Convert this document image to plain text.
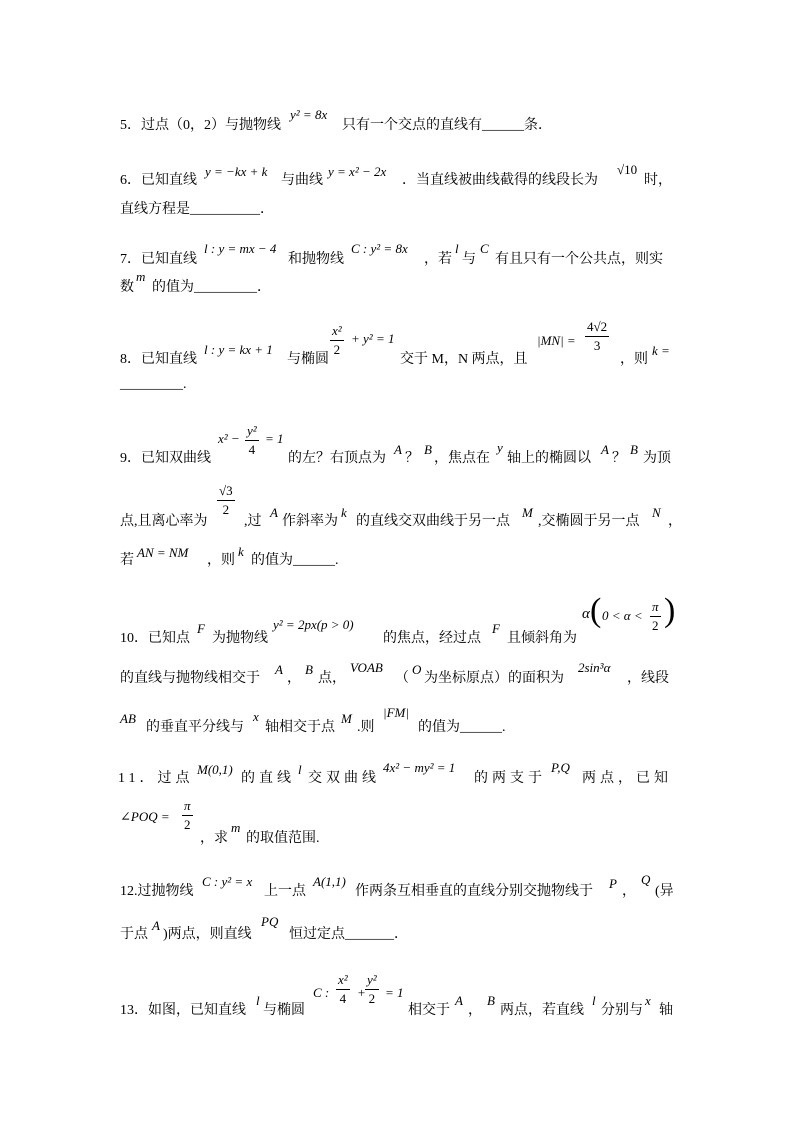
5．过点（0，2）与抛物线
y² = 8x
只有一个交点的直线有______条．
6．已知直线
y = −kx + k
与曲线
y = x² − 2x
．当直线被曲线截得的线段长为
√10
时，
直线方程是__________．
7．已知直线
l : y = mx − 4
和抛物线
C : y² = 8x
，若
l
与
C
有且只有一个公共点，则实
数
m
的值为_________．
8．已知直线
l : y = kx + 1
与椭圆
$\frac{\text{x²}}{2} + y^2 = 1$
交于 M，N 两点，且
$|MN| = \frac{4√2}{3}$
，则
k =
_________.
$x^2 - \frac{\text{y²}}{4} = 1$
9．已知双曲线	的左？右顶点为
A
？
B
，焦点在
y
轴上的椭圆以
A
？
B
为顶
点,且离心率为
$\frac{√3}{2}$
,过
A
作斜率为
k
的直线交双曲线于另一点
M
,交椭圆于另一点
N
，
若
AN = NM
，则
k
的值为______.
10．已知点
F
为抛物线
y² = 2px(p > 0)
的焦点，经过点
F
且倾斜角为
α ( $0 < \alpha < \frac{\pi}{2}$ )
的直线与抛物线相交于
A
，
B
点，
VOAB
（
O
为坐标原点）的面积为
2sin³α
，线段
AB
的垂直平分线与
x
轴相交于点
M
.则
|FM|
的值为______.
11．过点
M(0,1)
的直线
l
交双曲线
4x² − my² = 1
的两支于
P,Q
两点，已知
∠POQ = $\frac{\pi}{2}$
，求
m
的取值范围.
12.过抛物线
C : y² = x
上一点
A(1,1)
作两条互相垂直的直线分别交抛物线于
P
，
Q
(异
于点
A
)两点，则直线
PQ
恒过定点_______．
13．如图，已知直线
l
与椭圆
C : $\frac{\text{x²}}{4} + \frac{\text{y²}}{2} = 1$
相交于
A
，
B
两点，若直线
l
分别与
x
轴
